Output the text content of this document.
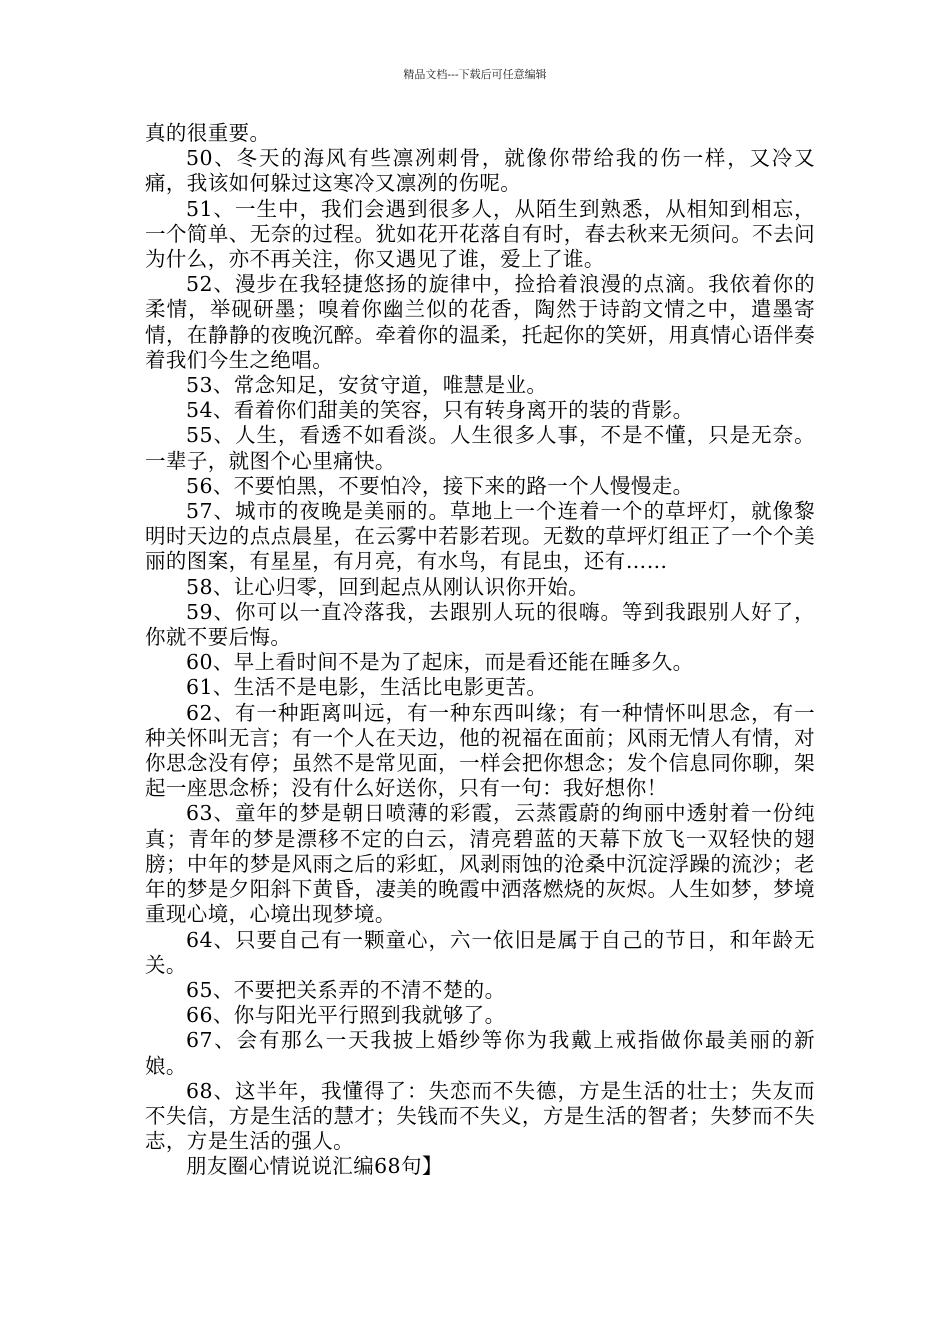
精品文档---下载后可任意编辑

真的很重要。

50、冬天的海风有些凛冽刺骨，就像你带给我的伤一样，又冷又痛，我该如何躲过这寒冷又凛冽的伤呢。

51、一生中，我们会遇到很多人，从陌生到熟悉，从相知到相忘，一个简单、无奈的过程。犹如花开花落自有时，春去秋来无须问。不去问为什么，亦不再关注，你又遇见了谁，爱上了谁。

52、漫步在我轻捷悠扬的旋律中，捡拾着浪漫的点滴。我依着你的柔情，举砚研墨；嗅着你幽兰似的花香，陶然于诗韵文情之中，遣墨寄情，在静静的夜晚沉醉。牵着你的温柔，托起你的笑妍，用真情心语伴奏着我们今生之绝唱。

53、常念知足，安贫守道，唯慧是业。

54、看着你们甜美的笑容，只有转身离开的装的背影。

55、人生，看透不如看淡。人生很多人事，不是不懂，只是无奈。一辈子，就图个心里痛快。

56、不要怕黑，不要怕冷，接下来的路一个人慢慢走。

57、城市的夜晚是美丽的。草地上一个连着一个的草坪灯，就像黎明时天边的点点晨星，在云雾中若影若现。无数的草坪灯组正了一个个美丽的图案，有星星，有月亮，有水鸟，有昆虫，还有……

58、让心归零，回到起点从刚认识你开始。

59、你可以一直冷落我，去跟别人玩的很嗨。等到我跟别人好了，你就不要后悔。

60、早上看时间不是为了起床，而是看还能在睡多久。

61、生活不是电影，生活比电影更苦。

62、有一种距离叫远，有一种东西叫缘；有一种情怀叫思念，有一种关怀叫无言；有一个人在天边，他的祝福在面前；风雨无情人有情，对你思念没有停；虽然不是常见面，一样会把你想念；发个信息同你聊，架起一座思念桥；没有什么好送你，只有一句：我好想你！

63、童年的梦是朝日喷薄的彩霞，云蒸霞蔚的绚丽中透射着一份纯真；青年的梦是漂移不定的白云，清亮碧蓝的天幕下放飞一双轻快的翅膀；中年的梦是风雨之后的彩虹，风剥雨蚀的沧桑中沉淀浮躁的流沙；老年的梦是夕阳斜下黄昏，凄美的晚霞中洒落燃烧的灰烬。人生如梦，梦境重现心境，心境出现梦境。

64、只要自己有一颗童心，六一依旧是属于自己的节日，和年龄无关。

65、不要把关系弄的不清不楚的。

66、你与阳光平行照到我就够了。

67、会有那么一天我披上婚纱等你为我戴上戒指做你最美丽的新娘。

68、这半年，我懂得了：失恋而不失德，方是生活的壮士；失友而不失信，方是生活的慧才；失钱而不失义，方是生活的智者；失梦而不失志，方是生活的强人。

朋友圈心情说说汇编68句】
